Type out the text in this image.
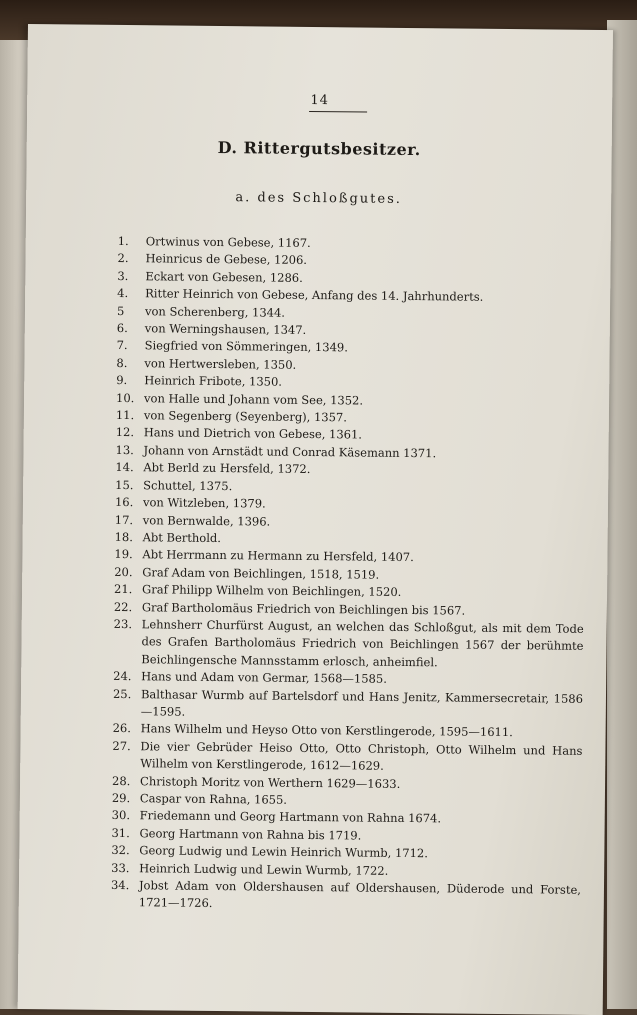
14
D. Rittergutsbesitzer.
a. des Schloßgutes.
1.	Ortwinus von Gebese, 1167.
2.	Heinricus de Gebese, 1206.
3.	Eckart von Gebesen, 1286.
4.	Ritter Heinrich von Gebese, Anfang des 14. Jahrhunderts.
5	von Scherenberg, 1344.
6.	von Werningshausen, 1347.
7.	Siegfried von Sömmeringen, 1349.
8.	von Hertwersleben, 1350.
9.	Heinrich Fribote, 1350.
10. von Halle und Johann vom See, 1352.
11. von Segenberg (Seyenberg), 1357.
12. Hans und Dietrich von Gebese, 1361.
13. Johann von Arnstädt und Conrad Käsemann 1371.
14. Abt Berld zu Hersfeld, 1372.
15. Schuttel, 1375.
16. von Witzleben, 1379.
17. von Bernwalde, 1396.
18. Abt Berthold.
19. Abt Herrmann zu Hermann zu Hersfeld, 1407.
20. Graf Adam von Beichlingen, 1518, 1519.
21. Graf Philipp Wilhelm von Beichlingen, 1520.
22. Graf Bartholomäus Friedrich von Beichlingen bis 1567.
23. Lehnsherr Churfürst August, an welchen das Schloßgut, als mit dem Tode des Grafen Bartholomäus Friedrich von Beichlingen 1567 der berühmte Beichlingensche Mannsstamm erlosch, anheimfiel.
24. Hans und Adam von Germar, 1568—1585.
25. Balthasar Wurmb auf Bartelsdorf und Hans Jenitz, Kammersecretair, 1586—1595.
26. Hans Wilhelm und Heyso Otto von Kerstlingerode, 1595—1611.
27. Die vier Gebrüder Heiso Otto, Otto Christoph, Otto Wilhelm und Hans Wilhelm von Kerstlingerode, 1612—1629.
28. Christoph Moritz von Werthern 1629—1633.
29. Caspar von Rahna, 1655.
30. Friedemann und Georg Hartmann von Rahna 1674.
31. Georg Hartmann von Rahna bis 1719.
32. Georg Ludwig und Lewin Heinrich Wurmb, 1712.
33. Heinrich Ludwig und Lewin Wurmb, 1722.
34. Jobst Adam von Oldershausen auf Oldershausen, Düderode und Forste, 1721—1726.
